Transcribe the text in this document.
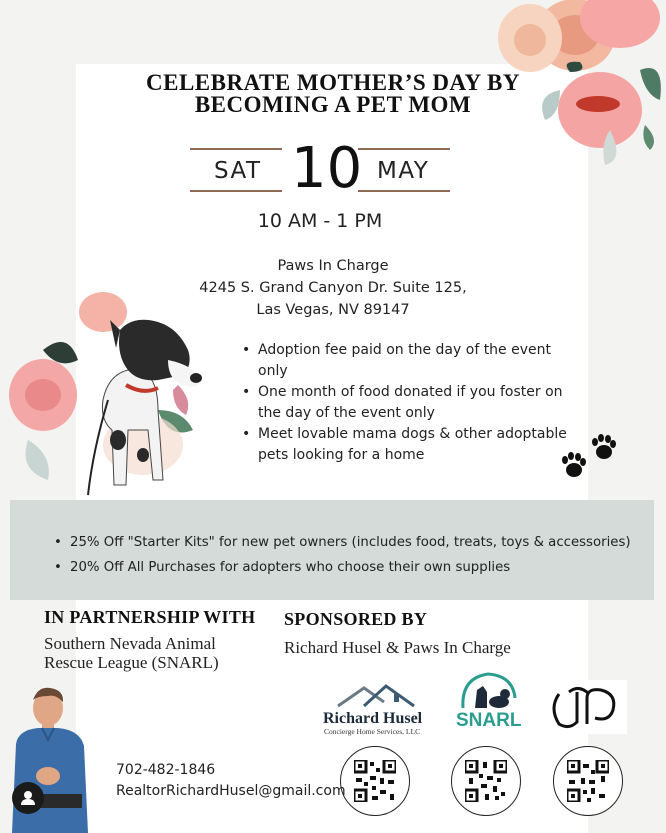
CELEBRATE MOTHER’S DAY BY
BECOMING A PET MOM
SAT 10 MAY
10 AM - 1 PM
Paws In Charge
4245 S. Grand Canyon Dr. Suite 125,
Las Vegas, NV 89147
• Adoption fee paid on the day of the event only
• One month of food donated if you foster on the day of the event only
• Meet lovable mama dogs & other adoptable pets looking for a home
• 25% Off "Starter Kits" for new pet owners (includes food, treats, toys & accessories)
• 20% Off All Purchases for adopters who choose their own supplies
IN PARTNERSHIP WITH
Southern Nevada Animal
Rescue League (SNARL)
SPONSORED BY
Richard Husel & Paws In Charge
Richard Husel
Concierge Home Services, LLC
SNARL
702-482-1846
RealtorRichardHusel@gmail.com
